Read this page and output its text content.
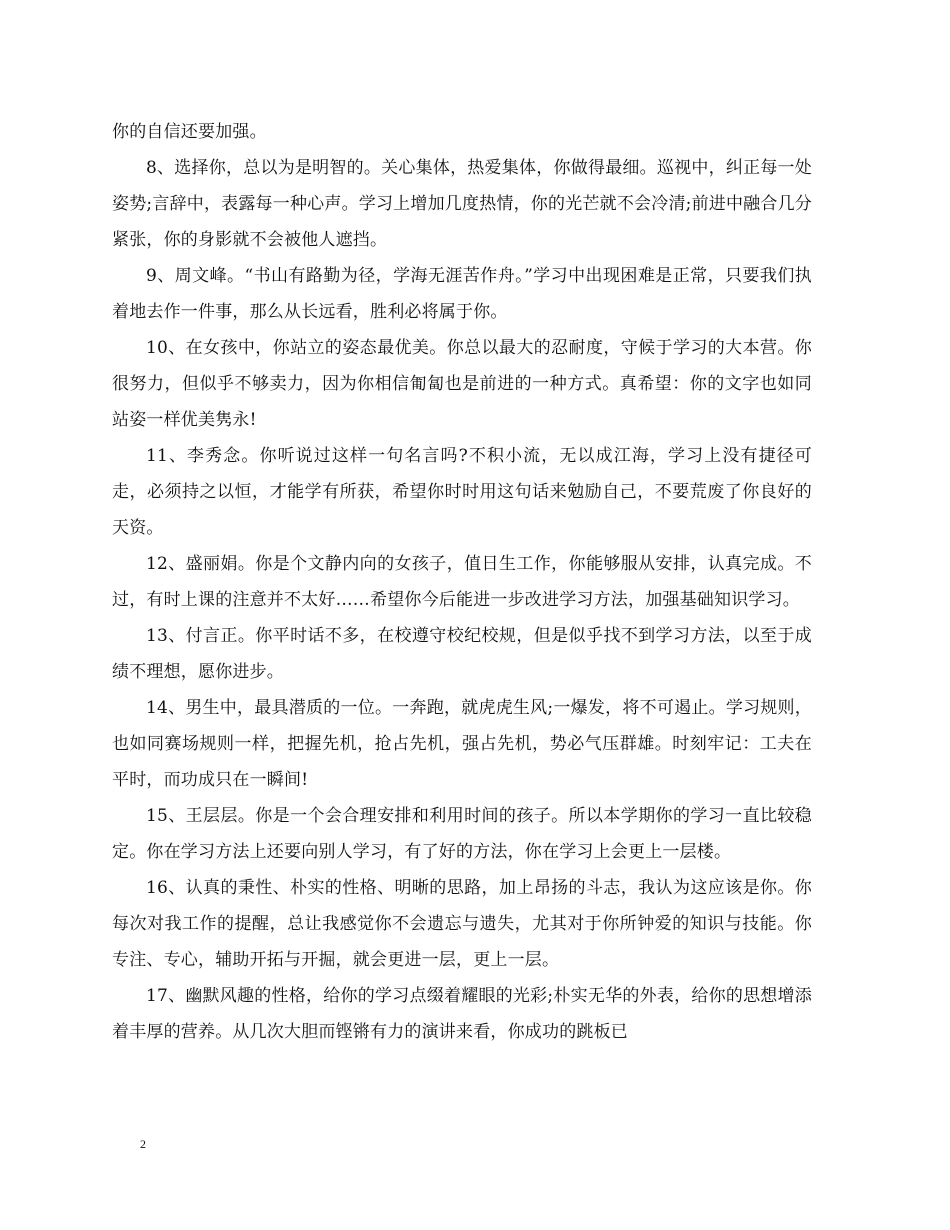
你的自信还要加强。

8、选择你，总以为是明智的。关心集体，热爱集体，你做得最细。巡视中，纠正每一处姿势;言辞中，表露每一种心声。学习上增加几度热情，你的光芒就不会冷清;前进中融合几分紧张，你的身影就不会被他人遮挡。

9、周文峰。“书山有路勤为径，学海无涯苦作舟。”学习中出现困难是正常，只要我们执着地去作一件事，那么从长远看，胜利必将属于你。

10、在女孩中，你站立的姿态最优美。你总以最大的忍耐度，守候于学习的大本营。你很努力，但似乎不够卖力，因为你相信匍匐也是前进的一种方式。真希望：你的文字也如同站姿一样优美隽永!

11、李秀念。你听说过这样一句名言吗?不积小流，无以成江海，学习上没有捷径可走，必须持之以恒，才能学有所获，希望你时时用这句话来勉励自己，不要荒废了你良好的天资。

12、盛丽娟。你是个文静内向的女孩子，值日生工作，你能够服从安排，认真完成。不过，有时上课的注意并不太好……希望你今后能进一步改进学习方法，加强基础知识学习。

13、付言正。你平时话不多，在校遵守校纪校规，但是似乎找不到学习方法，以至于成绩不理想，愿你进步。

14、男生中，最具潜质的一位。一奔跑，就虎虎生风;一爆发，将不可遏止。学习规则，也如同赛场规则一样，把握先机，抢占先机，强占先机，势必气压群雄。时刻牢记：工夫在平时，而功成只在一瞬间!

15、王层层。你是一个会合理安排和利用时间的孩子。所以本学期你的学习一直比较稳定。你在学习方法上还要向别人学习，有了好的方法，你在学习上会更上一层楼。

16、认真的秉性、朴实的性格、明晰的思路，加上昂扬的斗志，我认为这应该是你。你每次对我工作的提醒，总让我感觉你不会遗忘与遗失，尤其对于你所钟爱的知识与技能。你专注、专心，辅助开拓与开掘，就会更进一层，更上一层。

17、幽默风趣的性格，给你的学习点缀着耀眼的光彩;朴实无华的外表，给你的思想增添着丰厚的营养。从几次大胆而铿锵有力的演讲来看，你成功的跳板已

2
